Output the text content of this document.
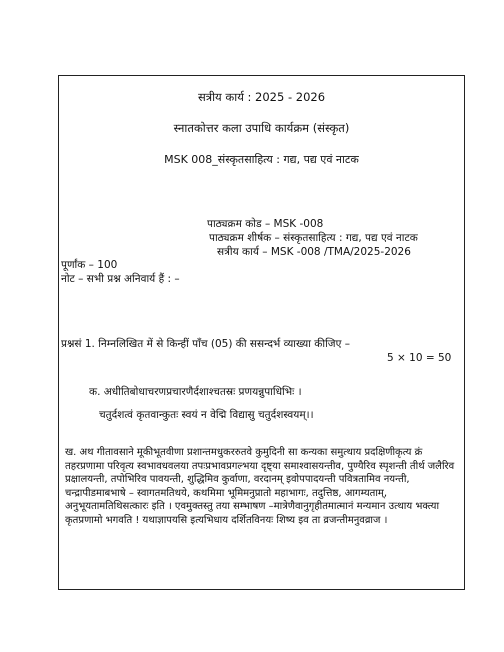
सत्रीय कार्य : 2025 - 2026
स्नातकोत्तर कला उपाधि कार्यक्रम (संस्कृत)
MSK 008_संस्कृतसाहित्य : गद्य, पद्य एवं नाटक
पाठ्यक्रम कोड – MSK -008
पाठ्यक्रम शीर्षक – संस्कृतसाहित्य : गद्य, पद्य एवं नाटक
सत्रीय कार्य – MSK -008 /TMA/2025-2026
पूर्णांक – 100
नोट – सभी प्रश्न अनिवार्य हैं : –
प्रश्नसं 1. निम्नलिखित में से किन्हीं पाँच (05) की ससन्दर्भ व्याख्या कीजिए –
5 × 10 = 50
क. अधीतिबोधाचरणप्रचारणैर्दशाश्चतस्रः प्रणयन्नुपाधिभिः ।
चतुर्दशत्वं कृतवान्कुतः स्वयं न वेद्मि विद्यासु चतुर्दशस्वयम्।।
ख. अथ गीतावसाने मूकीभूतवीणा प्रशान्तमधुकररुतवे कुमुदिनी सा कन्यका समुत्थाय प्रदक्षिणीकृत्य क्रं तहरप्रणामा परिवृत्य स्वभावधवलया तपःप्रभावप्रगल्भया दृष्ट्या समाश्वासयन्तीव, पुण्यैरिव स्पृशन्ती तीर्थ जलैरिव प्रक्षालयन्ती, तपोभिरिव पावयन्ती, शुद्धिमिव कुर्वाणा, वरदानम् इवोपपादयन्ती पवित्रतामिव नयन्ती, चन्द्रापीडमाबभाषे – स्वागतमतिथये, कथमिमा भूमिमनुप्रातो महाभागः, तदुत्तिष्ठ, आगम्यताम्, अनुभूयतामतिथिसत्कारः इति । एवमुक्तस्तु तया सम्भाषण –मात्रेणैवानुगृहीतमात्मानं मन्यमान उत्थाय भक्त्या कृतप्रणामो भगवति ! यथाज्ञापयसि इत्यभिधाय दर्शितविनयः शिष्य इव ता व्रजन्तीमनुवव्राज ।
